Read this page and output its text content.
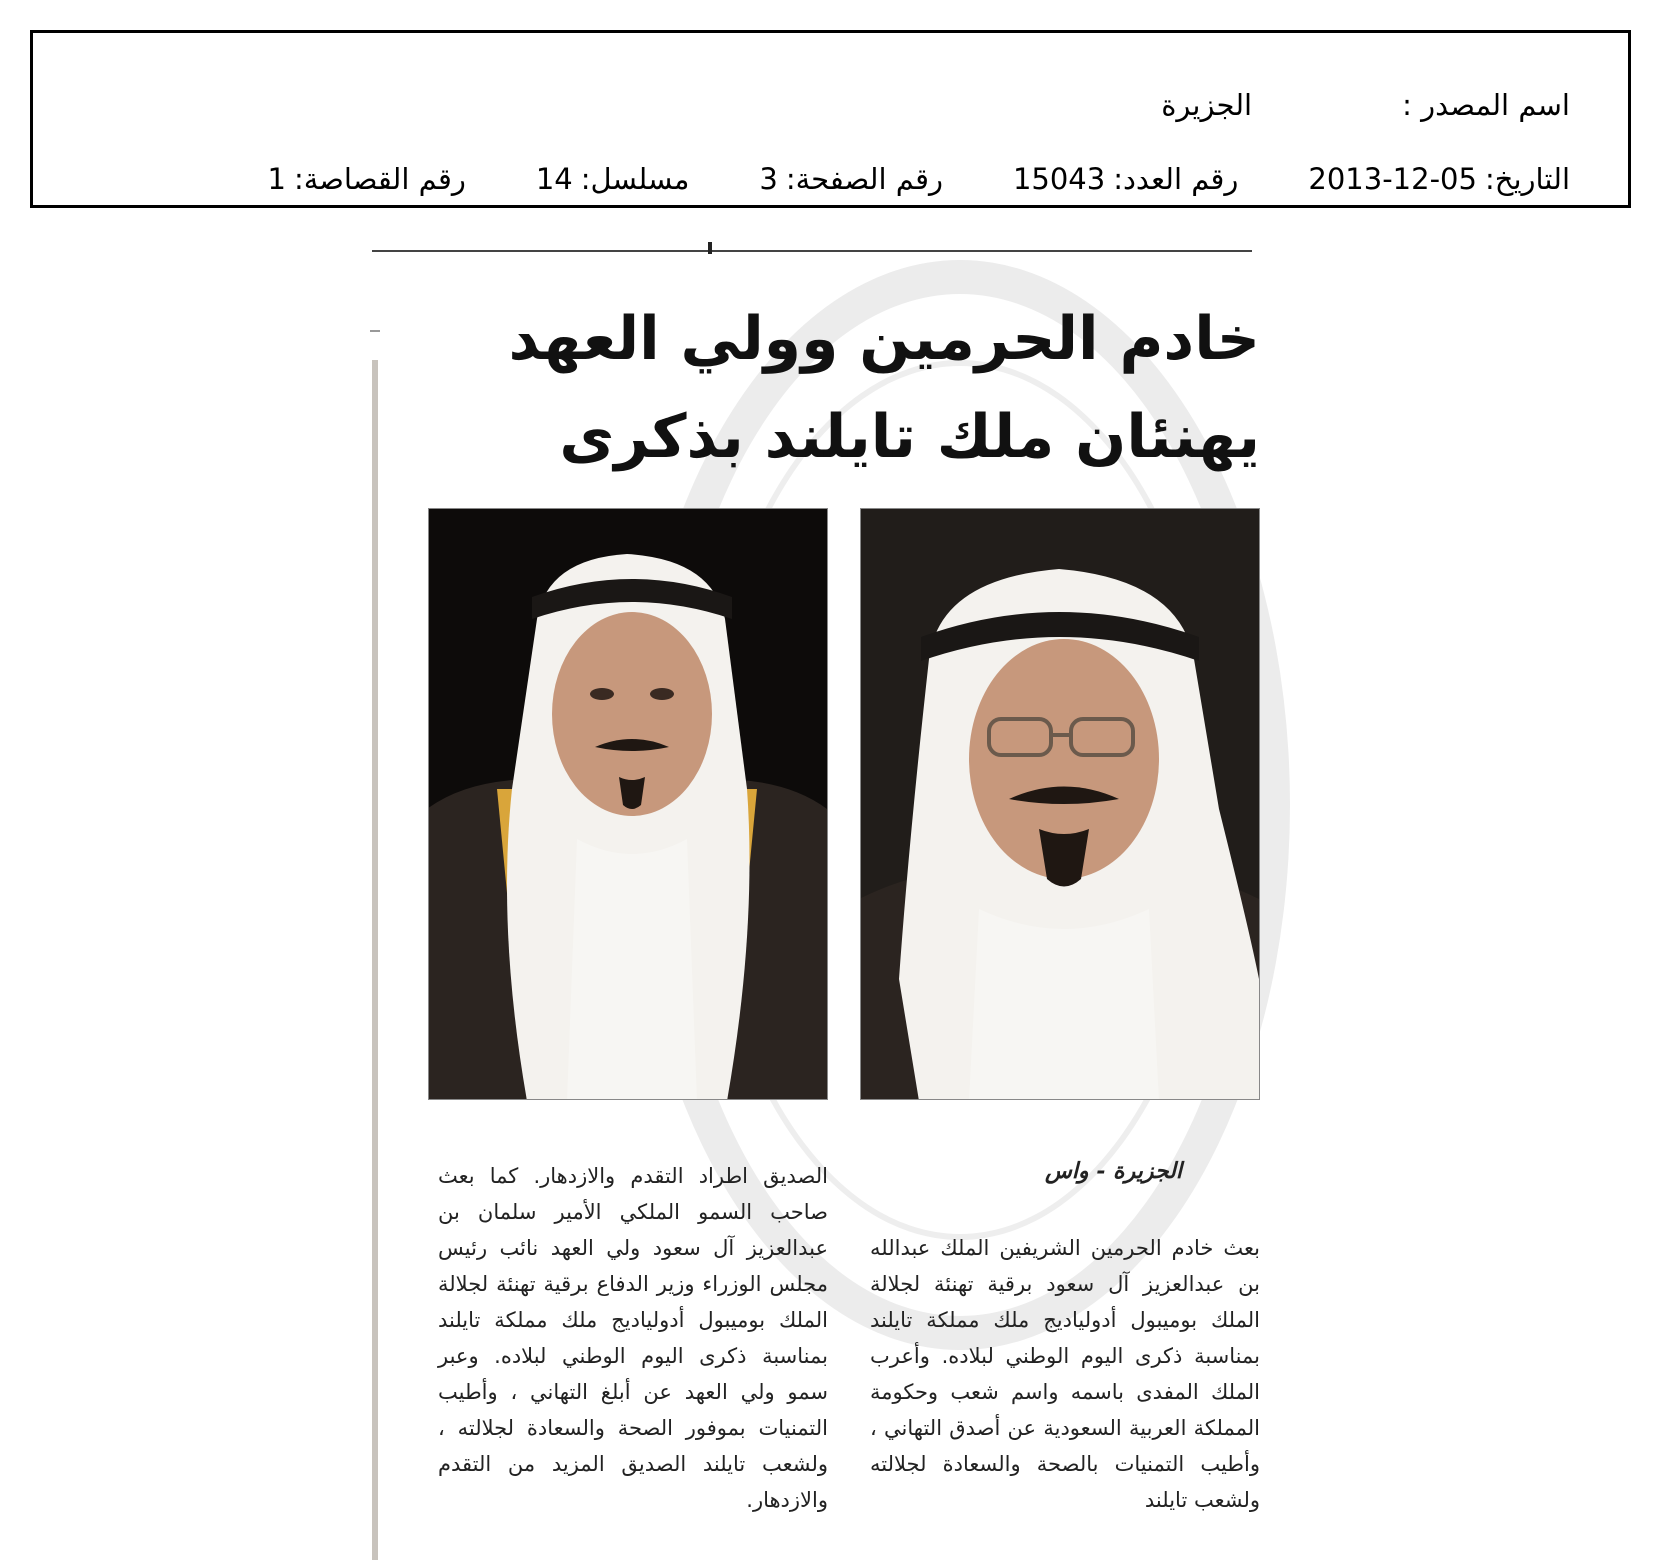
اسم المصدر :
الجزيرة
التاريخ:
2013-12-05
رقم العدد:
15043
رقم الصفحة:
3
مسلسل:
14
رقم القصاصة:
1
خادم الحرمين وولي العهد يهنئان ملك تايلند بذكرى
الجزيرة - واس
بعث خادم الحرمين الشريفين الملك عبدالله بن عبدالعزيز آل سعود برقية تهنئة لجلالة الملك بوميبول أدولياديج ملك مملكة تايلند بمناسبة ذكرى اليوم الوطني لبلاده. وأعرب الملك المفدى باسمه واسم شعب وحكومة المملكة العربية السعودية عن أصدق التهاني ، وأطيب التمنيات بالصحة والسعادة لجلالته ولشعب تايلند
الصديق اطراد التقدم والازدهار. كما بعث صاحب السمو الملكي الأمير سلمان بن عبدالعزيز آل سعود ولي العهد نائب رئيس مجلس الوزراء وزير الدفاع برقية تهنئة لجلالة الملك بوميبول أدولياديج ملك مملكة تايلند بمناسبة ذكرى اليوم الوطني لبلاده. وعبر سمو ولي العهد عن أبلغ التهاني ، وأطيب التمنيات بموفور الصحة والسعادة لجلالته ، ولشعب تايلند الصديق المزيد من التقدم والازدهار.
